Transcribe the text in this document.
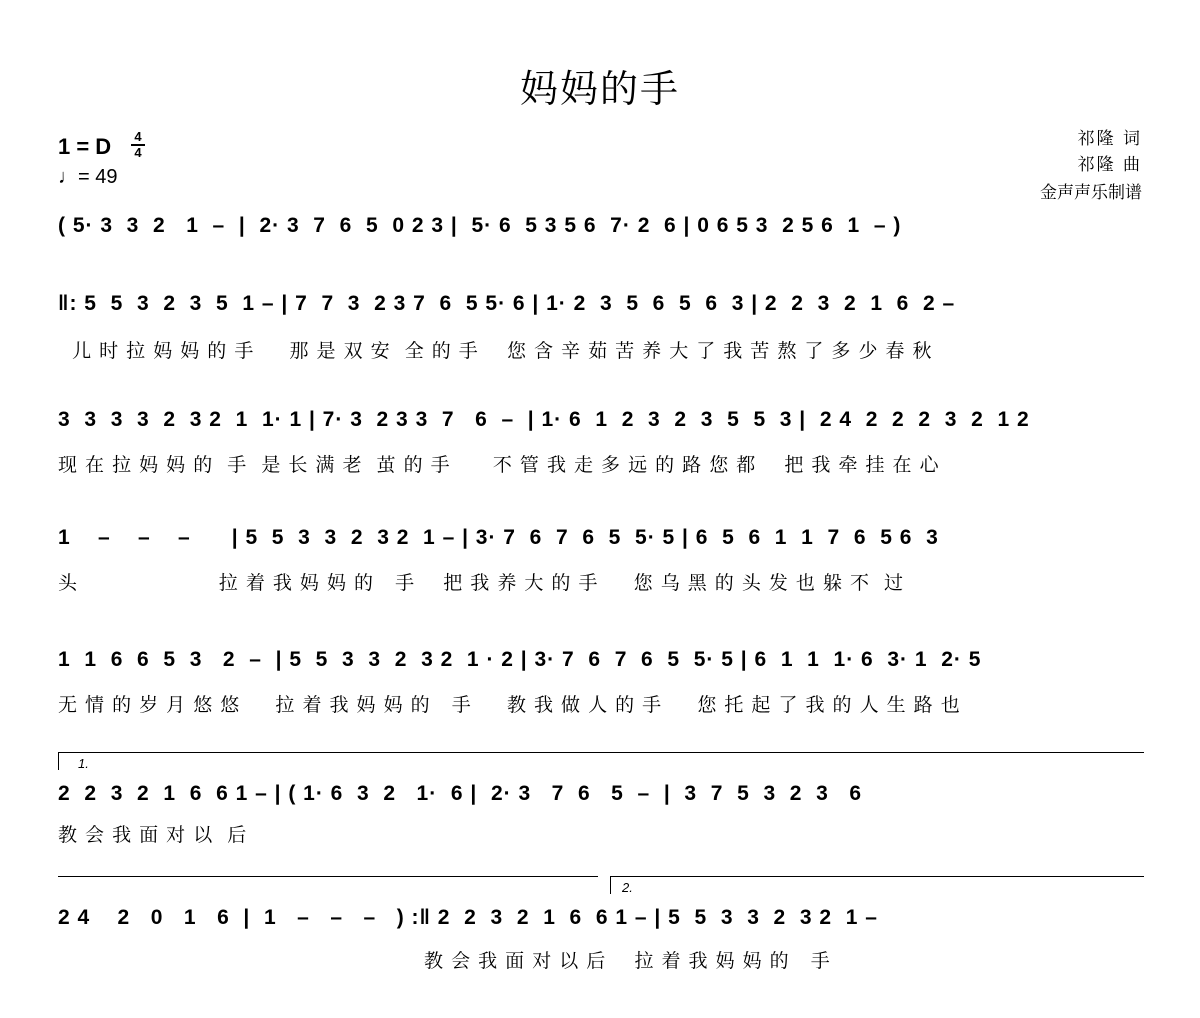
妈妈的手
1 = D	4
4
♩= 49
祁隆 词
祁隆 曲
金声声乐制谱
( 5· 3  3  2   1  –  |  2· 3  7  6  5  0 2 3 |  5· 6  5 3 5 6  7· 2  6 | 0 6 5 3  2 5 6  1  – )
‖: 5  5  3  2  3  5  1 – | 7  7  3  2 3 7  6  5 5· 6 | 1· 2  3  5  6  5  6  3 | 2  2  3  2  1  6  2 –
儿 时 拉 妈 妈 的 手     那 是 双 安  全 的 手    您 含 辛 茹 苦 养 大 了 我 苦 熬 了 多 少 春 秋
3  3  3  3  2  3 2  1  1· 1 | 7· 3  2 3 3  7   6  –  | 1· 6  1  2  3  2  3  5  5  3 |  2 4  2  2  2  3  2  1 2
现 在 拉 妈 妈 的  手  是 长 满 老  茧 的 手      不 管 我 走 多 远 的 路 您 都    把 我 牵 挂 在 心
1    –    –    –      | 5  5  3  3  2  3 2  1 – | 3· 7  6  7  6  5  5· 5 | 6  5  6  1  1  7  6  5 6  3
头                    拉 着 我 妈 妈 的   手    把 我 养 大 的 手     您 乌 黑 的 头 发 也 躲 不  过
1  1  6  6  5  3   2  –  | 5  5  3  3  2  3 2  1 · 2 | 3· 7  6  7  6  5  5· 5 | 6  1  1  1· 6  3· 1  2· 5
无 情 的 岁 月 悠 悠     拉 着 我 妈 妈 的   手     教 我 做 人 的 手     您 托 起 了 我 的 人 生 路 也
1.
2  2  3  2  1  6  6 1 – | ( 1· 6  3  2   1·  6 |  2· 3   7  6   5  –  |  3  7  5  3  2  3   6
教 会 我 面 对 以  后
2.
2 4    2   0   1   6  |  1   –   –   –   ) :‖ 2  2  3  2  1  6  6 1 – | 5  5  3  3  2  3 2  1 –
教 会 我 面 对 以 后    拉 着 我 妈 妈 的   手
